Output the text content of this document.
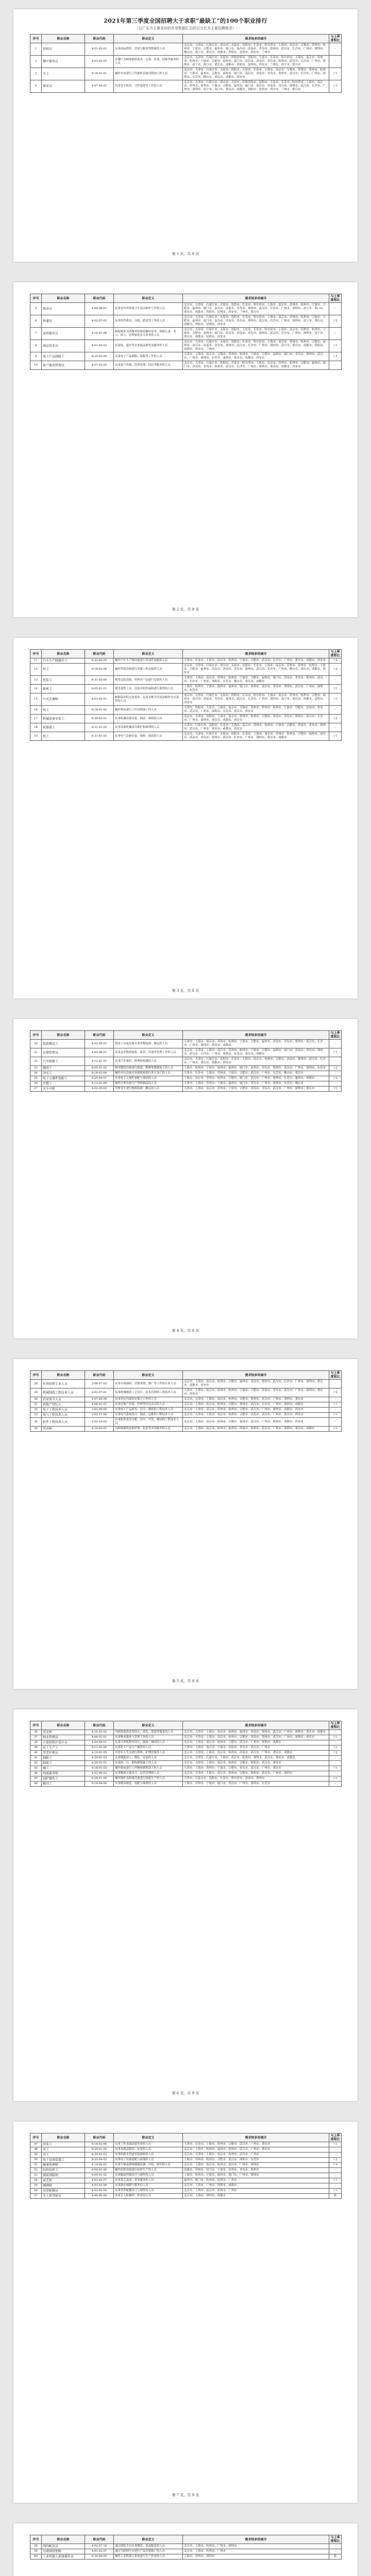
2021年第三季度全国招聘大于求职“最缺工”的100个职业排行
（以广东为主要省份的共享数据汇总的百分比为主要招聘需求）
序号	职业名称	职业代码	职业定义	需求较多的城市	与上季度相比
1	营销员	4-01-02-01	从事商品销售、洽谈与服务等职能的人员	北京市、天津市、石家庄市、唐山市、太原市、沈阳市、长春市、哈尔滨市、上海市、南京市、无锡市、苏州市、杭州市、宁波市、合肥市、福州市、厦门市、南昌市、济南市、青岛市、郑州市、武汉市、长沙市、广州市、深圳市、佛山市、南宁市、重庆市、成都市、贵阳市、昆明市、西安市、兰州市	-
2	餐厅服务员	4-03-02-05	在餐厅为顾客提供迎宾、点菜、传菜、结账等服务的人员	北京市、天津市、石家庄市、太原市、呼和浩特市、沈阳市、大连市、长春市、哈尔滨市、上海市、南京市、苏州市、杭州市、宁波市、合肥市、福州市、厦门市、南昌市、济南市、青岛市、郑州市、武汉市、长沙市、广州市、深圳市、南宁市、海口市、重庆市、成都市、贵阳市、昆明市、西安市、兰州市、西宁市、银川市	-
3	车工	6-18-01-01	操作车床进行工件旋转表面切削加工的人员	北京市、天津市、石家庄市、太原市、沈阳市、大连市、长春市、上海市、南京市、无锡市、苏州市、常州市、杭州市、宁波市、温州市、合肥市、福州市、厦门市、南昌市、济南市、青岛市、郑州市、武汉市、长沙市、广州市、深圳市、东莞市、佛山市、重庆市、成都市、西安市	↑1
4	保安员	4-07-05-01	从事安全防范、守护巡逻等工作的人员	北京市、天津市、石家庄市、唐山市、太原市、呼和浩特市、沈阳市、大连市、长春市、哈尔滨市、上海市、南京市、苏州市、杭州市、宁波市、合肥市、福州市、厦门市、南昌市、济南市、青岛市、郑州市、武汉市、长沙市、广州市、深圳市、南宁市、海口市、重庆市、成都市、贵阳市、昆明市、西安市、兰州市、银川市	↓1
第 1 页，共 8 页
序号	职业名称	职业代码	职业定义	需求较多的城市	与上季度相比
5	保洁员	4-09-08-01	从事室内外环境卫生清洁维护工作的人员	北京市、天津市、石家庄市、太原市、沈阳市、长春市、哈尔滨市、上海市、南京市、苏州市、杭州市、宁波市、合肥市、福州市、厦门市、南昌市、济南市、青岛市、郑州市、武汉市、长沙市、广州市、深圳市、南宁市、海口市、重庆市、成都市、贵阳市、昆明市、西安市、兰州市、银川市	-
6	快递员	4-02-07-02	从事快件收寄、分拣、派送等工作的人员	北京市、天津市、石家庄市、太原市、沈阳市、长春市、哈尔滨市、上海市、南京市、苏州市、杭州市、宁波市、合肥市、福州市、厦门市、南昌市、济南市、青岛市、郑州市、武汉市、长沙市、广州市、深圳市、南宁市、重庆市、成都市、贵阳市、昆明市、西安市	↑2
7	家政服务员	4-10-01-06	根据要求为所服务的家庭操持家务，照顾儿童、老人、病人，管理家庭有关事务的人员	北京市、天津市、石家庄市、太原市、沈阳市、大连市、长春市、哈尔滨市、上海市、南京市、苏州市、杭州市、宁波市、合肥市、福州市、厦门市、南昌市、济南市、青岛市、郑州市、武汉市、长沙市、广州市、深圳市、南宁市、重庆市、成都市、昆明市、西安市	-
8	商品营业员	4-01-02-03	在商场、超市等从事商品销售及服务的人员	北京市、天津市、石家庄市、太原市、沈阳市、长春市、哈尔滨市、上海市、南京市、苏州市、杭州市、合肥市、福州市、南昌市、济南市、青岛市、郑州市、武汉市、长沙市、广州市、深圳市、南宁市、重庆市、成都市、贵阳市、昆明市、西安市、兰州市	↓1
9	电子产品制版工	6-25-03-00	从事电子产品制版、装配等工作的人员	天津市、上海市、南京市、无锡市、苏州市、杭州市、宁波市、合肥市、福州市、厦门市、青岛市、郑州市、武汉市、广州市、深圳市、东莞市、惠州市、重庆市、成都市、西安市	↑3
10	客户服务管理员	4-07-02-03	从事客户咨询、投诉处理、回访等服务的人员	北京市、天津市、石家庄市、沈阳市、长春市、哈尔滨市、上海市、南京市、苏州市、杭州市、合肥市、福州市、厦门市、济南市、青岛市、郑州市、武汉市、长沙市、广州市、深圳市、重庆市、成都市、西安市	-
第 2 页，共 8 页
序号	职业名称	职业代码	职业定义	需求较多的城市	与上季度相比
11	汽车生产线操作工	6-22-02-00	操作汽车生产线设备进行零部件装配的人员	天津市、长春市、上海市、南京市、杭州市、宁波市、合肥市、武汉市、长沙市、广州市、重庆市、成都市、西安市	↑4
12	焊工	6-18-02-04	操作焊接设备进行金属工件连接的人员	北京市、天津市、石家庄市、唐山市、太原市、沈阳市、长春市、上海市、南京市、苏州市、常州市、杭州市、宁波市、合肥市、福州市、南昌市、济南市、青岛市、郑州市、武汉市、长沙市、广州市、佛山市、重庆市、成都市、西安市	↓2
13	包装工	6-31-03-00	使用包装设备、材料对产品进行包装的人员	天津市、上海市、南京市、苏州市、杭州市、宁波市、合肥市、福州市、厦门市、济南市、青岛市、郑州市、武汉市、长沙市、广州市、深圳市、东莞市、佛山市、重庆市、成都市	-
14	裁剪工	6-05-01-01	使用裁剪工具、设备对纺织面料进行裁剪的人员	上海市、杭州市、宁波市、温州市、福州市、厦门市、泉州市、南昌市、青岛市、郑州市、武汉市、广州市、深圳市、东莞市	↑1
15	中式烹调师	4-03-02-01	根据菜肴特点及要求，运用各种烹饪技法制作中式菜肴的人员	北京市、天津市、石家庄市、太原市、沈阳市、长春市、哈尔滨市、上海市、南京市、苏州市、杭州市、合肥市、福州市、南昌市、济南市、青岛市、郑州市、武汉市、长沙市、广州市、深圳市、南宁市、重庆市、成都市、昆明市、西安市	↓1
16	铣工	6-18-01-02	操作铣床进行工件切削加工的人员	天津市、沈阳市、大连市、上海市、南京市、无锡市、苏州市、常州市、杭州市、宁波市、合肥市、济南市、青岛市、武汉市、广州市、深圳市、东莞市、重庆市、西安市	-
17	机械设备安装工	6-29-03-01	从事机械设备安装、调试、维修的人员	北京市、天津市、沈阳市、上海市、南京市、苏州市、杭州市、合肥市、济南市、青岛市、郑州市、武汉市、长沙市、广州市、深圳市、重庆市、成都市、西安市	↑2
18	机修钳工	6-31-01-02	从事设备机械部分维护和修理的人员	天津市、石家庄市、沈阳市、长春市、上海市、南京市、苏州市、杭州市、宁波市、合肥市、济南市、青岛市、郑州市、武汉市、广州市、重庆市、成都市、西安市	-
19	电工	6-31-01-03	从事电气设备安装、维修、调试的人员	北京市、天津市、石家庄市、太原市、沈阳市、长春市、上海市、南京市、苏州市、杭州市、合肥市、福州市、南昌市、济南市、青岛市、郑州市、武汉市、长沙市、广州市、深圳市、重庆市、成都市	↓1
第 3 页，共 8 页
序号	职业名称	职业代码	职业定义	需求较多的城市	与上季度相比
20	装卸搬运工	4-02-05-01	使用工具或设备从事货物装卸、搬运的人员	天津市、上海市、南京市、苏州市、杭州市、宁波市、合肥市、福州市、济南市、青岛市、郑州市、武汉市、长沙市、广州市、深圳市、重庆市、成都市	-
21	仓储管理员	4-02-06-01	从事仓库物资验收、保管、发放等管理工作的人员	北京市、天津市、上海市、南京市、苏州市、杭州市、宁波市、合肥市、福州市、厦门市、济南市、青岛市、郑州市、武汉市、长沙市、广州市、深圳市、东莞市、重庆市、成都市	↑1
22	汽车维修工	4-12-01-01	从事汽车维护、修理和检测的人员	北京市、天津市、石家庄市、沈阳市、长春市、上海市、南京市、杭州市、合肥市、济南市、郑州市、武汉市、长沙市、广州市、重庆市、成都市、西安市	-
23	缝纫工	6-05-01-03	使用缝纫设备进行服装、鞋帽等缝制加工的人员	上海市、杭州市、宁波市、温州市、福州市、厦门市、泉州市、青岛市、郑州市、武汉市、广州市、深圳市、东莞市	↓2
24	冲压工	6-18-03-00	操作冲压设备对金属板材进行冲压加工的人员	天津市、长春市、上海市、苏州市、宁波市、合肥市、武汉市、广州市、东莞市、佛山市、重庆市	-
25	电子元器件装配工	6-25-04-01	从事电子元器件装配与调试的人员	上海市、南京市、苏州市、杭州市、合肥市、厦门市、武汉市、广州市、深圳市、东莞市、惠州市、成都市	↑3
26	注塑工	6-13-01-00	操作注塑设备生产塑料制品的人员	天津市、上海市、苏州市、宁波市、温州市、厦门市、青岛市、广州市、深圳市、东莞市、佛山市	-
27	叉车司机	4-02-05-03	驾驶叉车进行物料装卸、搬运的人员	天津市、上海市、南京市、苏州市、宁波市、合肥市、济南市、青岛市、武汉市、广州市、深圳市、重庆市	↑1
第 4 页，共 8 页
序号	职业名称	职业代码	职业定义	需求较多的城市	与上季度相比
28	市场营销专业人员	2-06-07-02	从事市场调研、营销策划、推广等工作的专业人员	北京市、上海市、南京市、杭州市、合肥市、福州市、济南市、郑州市、武汉市、长沙市、广州市、深圳市、重庆市、成都市、西安市	-
29	机械制造工程技术人员	2-02-07-01	从事机械制造工艺设计、技术管理的工程技术人员	天津市、上海市、南京市、苏州市、杭州市、宁波市、合肥市、济南市、青岛市、武汉市、广州市、深圳市、重庆市、西安市	↑2
30	治安保卫人员	4-07-05-00	从事单位内部治安保卫工作的人员	北京市、天津市、上海市、南京市、杭州市、合肥市、郑州市、武汉市、广州市、深圳市、重庆市	-
31	房地产经纪人	4-06-01-01	从事房地产居间、代理等经纪活动的人员	北京市、上海市、南京市、杭州市、合肥市、郑州市、武汉市、长沙市、广州市、深圳市、成都市	↓1
32	电子工程技术人员	2-02-09-00	从事电子产品研发、设计、测试的工程技术人员	北京市、上海市、南京市、苏州市、杭州市、合肥市、武汉市、广州市、深圳市、成都市、西安市	-
33	电气工程技术人员	2-02-11-00	从事电气系统设计、调试、运维的工程技术人员	北京市、天津市、上海市、南京市、杭州市、合肥市、济南市、武汉市、广州市、重庆市、西安市	↑1
34	软件工程技术人员	2-02-10-03	从事软件需求分析、设计、开发、测试的工程技术人员	北京市、上海市、南京市、杭州市、合肥市、福州市、武汉市、广州市、深圳市、成都市、西安市	-
35	美容师	4-10-03-01	为顾客提供皮肤护理、化妆等美容服务的人员	北京市、上海市、南京市、杭州市、福州市、济南市、郑州市、武汉市、广州市、深圳市、重庆市、成都市	↓2
第 5 页，共 8 页
序号	职业名称	职业代码	职业定义	需求较多的城市	与上季度相比
36	美发师	4-10-03-02	为顾客提供发型设计、剪发、烫染等服务的人员	北京市、天津市、上海市、南京市、杭州市、福州市、济南市、郑州市、武汉市、广州市、深圳市、重庆市、成都市	-
37	物业管理员	4-06-02-01	从事物业服务与管理工作的人员	北京市、天津市、上海市、南京市、杭州市、合肥市、济南市、郑州市、武汉市、广州市、深圳市、重庆市	↑1
38	计算机程序设计员	4-04-05-01	从事计算机程序设计、编码、调试的人员	北京市、上海市、南京市、杭州市、合肥市、武汉市、广州市、深圳市、成都市	-
39	化工生产工	6-11-01-00	从事化工产品生产操作的人员	天津市、上海市、南京市、宁波市、济南市、青岛市、武汉市、广州市	↓1
40	养老护理员	4-10-01-05	对老年人生活进行照料、护理的服务人员	北京市、天津市、上海市、南京市、杭州市、济南市、武汉市、广州市、重庆市、成都市	↑2
41	钢筋工	6-29-01-03	从事钢筋加工、绑扎、安装的人员	北京市、天津市、石家庄市、上海市、南京市、杭州市、郑州市、武汉市、重庆市、成都市	-
42	砌筑工	6-29-01-01	从事砖、石、砌块砌筑施工的人员	北京市、天津市、上海市、南京市、杭州市、合肥市、郑州市、武汉市、重庆市	-
43	磨工	6-18-01-03	操作磨床进行工件精密磨削加工的人员	天津市、上海市、苏州市、宁波市、合肥市、青岛市、武汉市、广州市、重庆市	↑1
44	物流服务师	4-02-06-03	从事物流方案设计、运营管理的人员	北京市、天津市、上海市、南京市、杭州市、合肥市、郑州市、武汉市、广州市、深圳市	-
45	锅炉操作工	6-28-01-06	操作锅炉及附属设备进行热能生产的人员	天津市、石家庄市、沈阳市、长春市、哈尔滨市、济南市、郑州市	↓1
46	模具工	6-18-04-00	从事模具制造、装配与维修的人员	上海市、苏州市、宁波市、厦门市、青岛市、广州市、深圳市、东莞市	-
第 6 页，共 8 页
序号	职业名称	职业代码	职业定义	需求较多的城市	与上季度相比
47	涂装工	6-18-02-06	从事工件表面涂装作业的人员	天津市、长春市、上海市、苏州市、合肥市、武汉市、广州市、重庆市	↑1
48	木工	6-29-01-05	从事木制品制作、安装的人员	北京市、上海市、杭州市、福州市、郑州市、武汉市、广州市、重庆市	-
49	水工	6-29-03-03	从事给排水管道安装维修的人员	北京市、天津市、上海市、南京市、杭州市、武汉市、广州市	-
50	电子设备装接工	6-25-04-02	从事电子设备装配与接线的人员	上海市、苏州市、杭州市、合肥市、武汉市、深圳市、东莞市	↓2
51	健康管理师	4-14-02-02	从事个体或群体健康监测、评估、指导的人员	北京市、上海市、南京市、杭州市、武汉市、广州市、深圳市	↑3
52	纺织纺纱工	6-04-01-00	操作纺纱设备进行纺纱生产的人员	南通市、苏州市、绍兴市、宁波市、泉州市、青岛市、郑州市	-
53	服装制版师	6-05-01-02	从事服装样板设计与制作的人员	上海市、杭州市、宁波市、温州市、厦门市、广州市、深圳市	-
54	茶艺师	4-03-02-07	从事茶艺表演、茶事服务的人员	福州市、厦门市、杭州市、昆明市、广州市	↑1
55	调酒师	4-03-02-08	从事酒水调制与服务的人员	北京市、上海市、广州市、深圳市、成都市	-
56	营养配餐员	4-03-02-04	从事营养配餐设计与制作的人员	北京市、上海市、南京市、杭州市、广州市	↓1
57	无人机驾驶员	4-99-00-00	从事无人机操控、作业的人员	北京市、上海市、深圳市、成都市	新
第 7 页，共 8 页
序号	职业名称	职业代码	职业定义	需求较多的城市	与上季度相比
58	网约配送员	4-02-07-10	通过网络平台从事餐饮、商品配送的人员	北京市、上海市、杭州市、广州市、深圳市	-
59	互联网营销师	4-01-02-07	通过互联网平台进行产品营销推广的人员	北京市、上海市、杭州市、广州市	-
60	工业机器人系统操作员	6-30-99-00	操作工业机器人系统进行生产作业的人员	上海市、苏州市、深圳市	新
